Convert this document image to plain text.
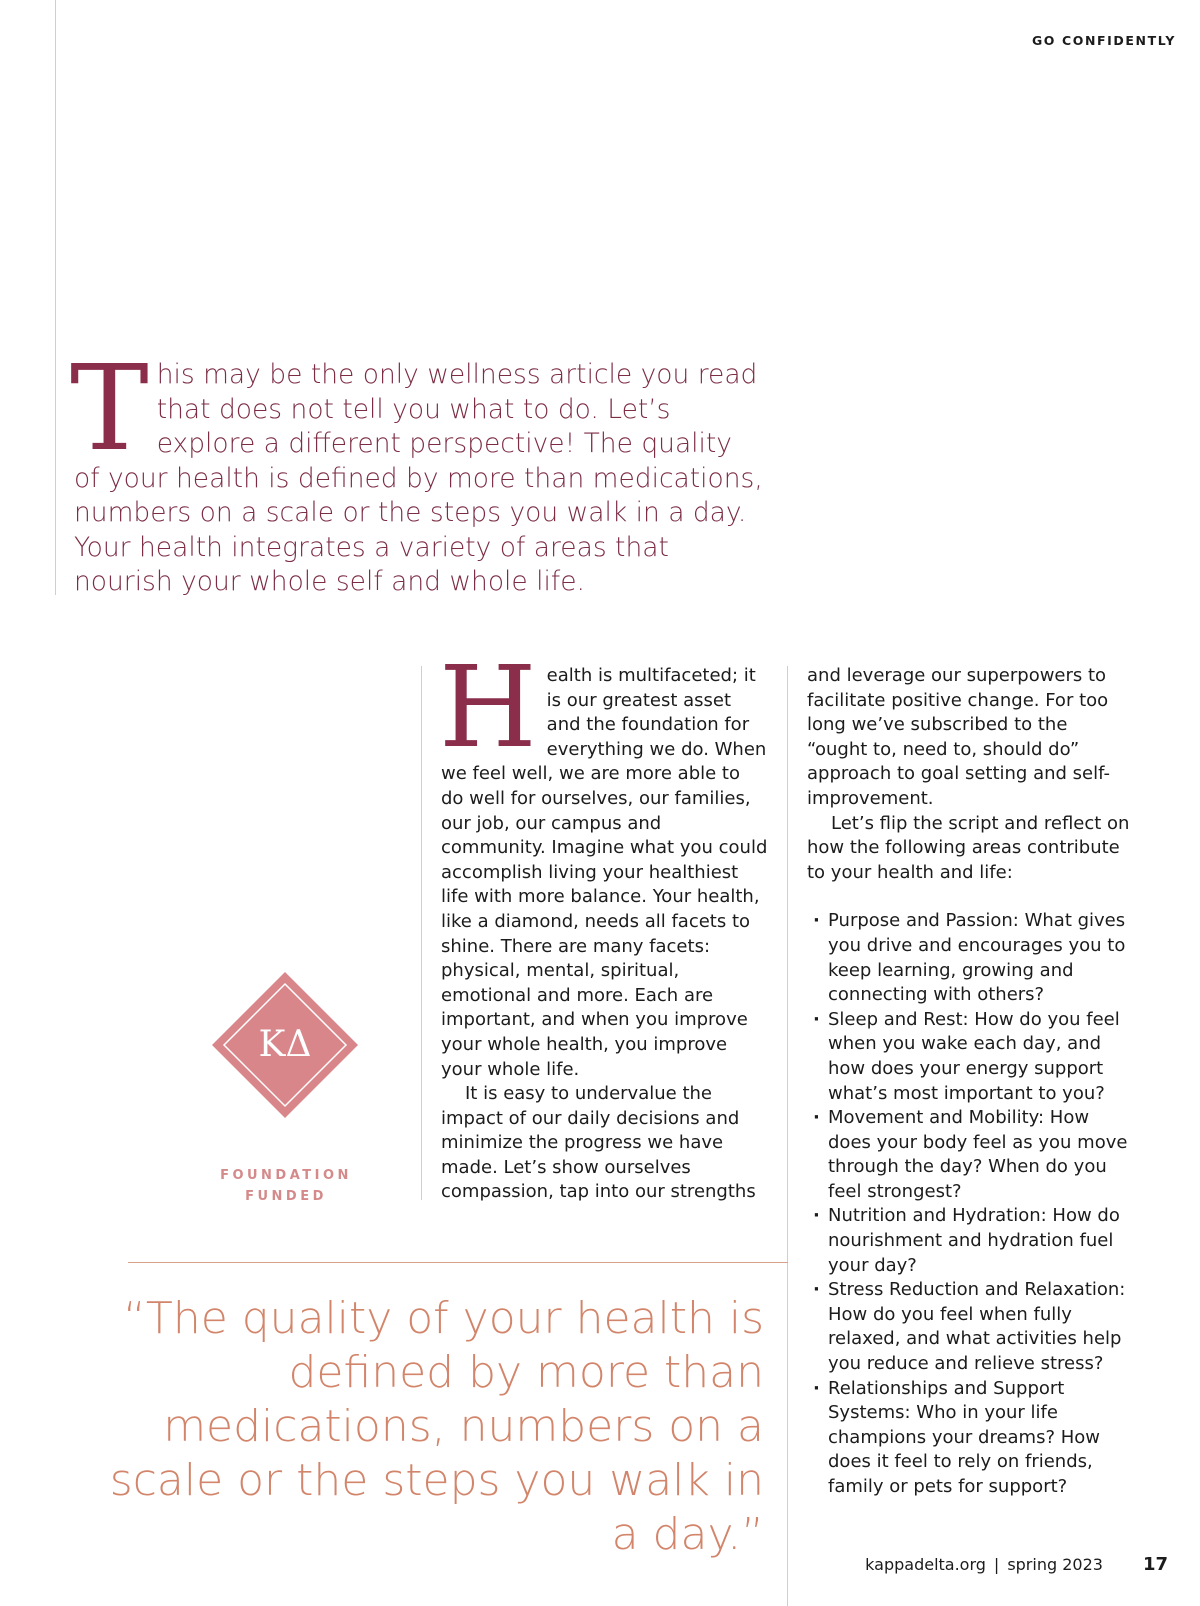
GO CONFIDENTLY
This may be the only wellness article you read that does not tell you what to do. Let’s explore a different perspective! The quality of your health is defined by more than medications, numbers on a scale or the steps you walk in a day. Your health integrates a variety of areas that nourish your whole self and whole life.
KΔ
FOUNDATION
FUNDED

Health is multifaceted; it is our greatest asset and the foundation for everything we do. When we feel well, we are more able to do well for ourselves, our families, our job, our campus and community. Imagine what you could accomplish living your healthiest life with more balance. Your health, like a diamond, needs all facets to shine. There are many facets: physical, mental, spiritual, emotional and more. Each are important, and when you improve your whole health, you improve your whole life.

It is easy to undervalue the impact of our daily decisions and minimize the progress we have made. Let’s show ourselves compassion, tap into our strengths

and leverage our superpowers to facilitate positive change. For too long we’ve subscribed to the “ought to, need to, should do” approach to goal setting and self-improvement.

Let’s flip the script and reflect on how the following areas contribute to your health and life:

· Purpose and Passion: What gives you drive and encourages you to keep learning, growing and connecting with others?
· Sleep and Rest: How do you feel when you wake each day, and how does your energy support what’s most important to you?
· Movement and Mobility: How does your body feel as you move through the day? When do you feel strongest?
· Nutrition and Hydration: How do nourishment and hydration fuel your day?
· Stress Reduction and Relaxation: How do you feel when fully relaxed, and what activities help you reduce and relieve stress?
· Relationships and Support Systems: Who in your life champions your dreams? How does it feel to rely on friends, family or pets for support?
“The quality of your health is defined by more than medications, numbers on a scale or the steps you walk in a day.”
kappadelta.org | spring 2023 17
